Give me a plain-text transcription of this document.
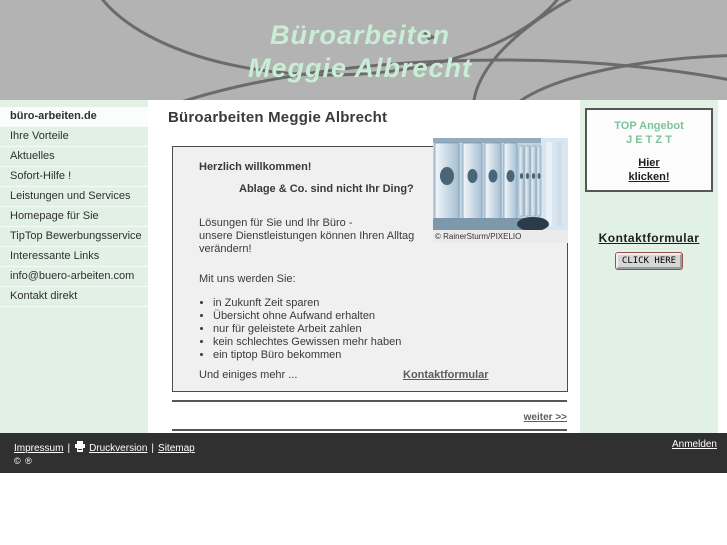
Büroarbeiten
Meggie Albrecht
büro-arbeiten.de
Ihre Vorteile
Aktuelles
Sofort-Hilfe !
Leistungen und Services
Homepage für Sie
TipTop Bewerbungsservice
Interessante Links
info@buero-arbeiten.com
Kontakt direkt
Büroarbeiten Meggie Albrecht
Herzlich willkommen!
Ablage & Co. sind nicht Ihr Ding?
Lösungen für Sie und Ihr Büro -
unsere Dienstleistungen können Ihren Alltag
verändern!
Mit uns werden Sie:
• in Zukunft Zeit sparen
• Übersicht ohne Aufwand erhalten
• nur für geleistete Arbeit zahlen
• kein schlechtes Gewissen mehr haben
• ein tiptop Büro bekommen
Und einiges mehr ...	Kontaktformular
© RainerSturm/PIXELIO
weiter >>
TOP Angebot
J E T Z T
Hier
klicken!
Kontaktformular
CLICK HERE
Impressum | Druckversion | Sitemap
© ®
Anmelden
